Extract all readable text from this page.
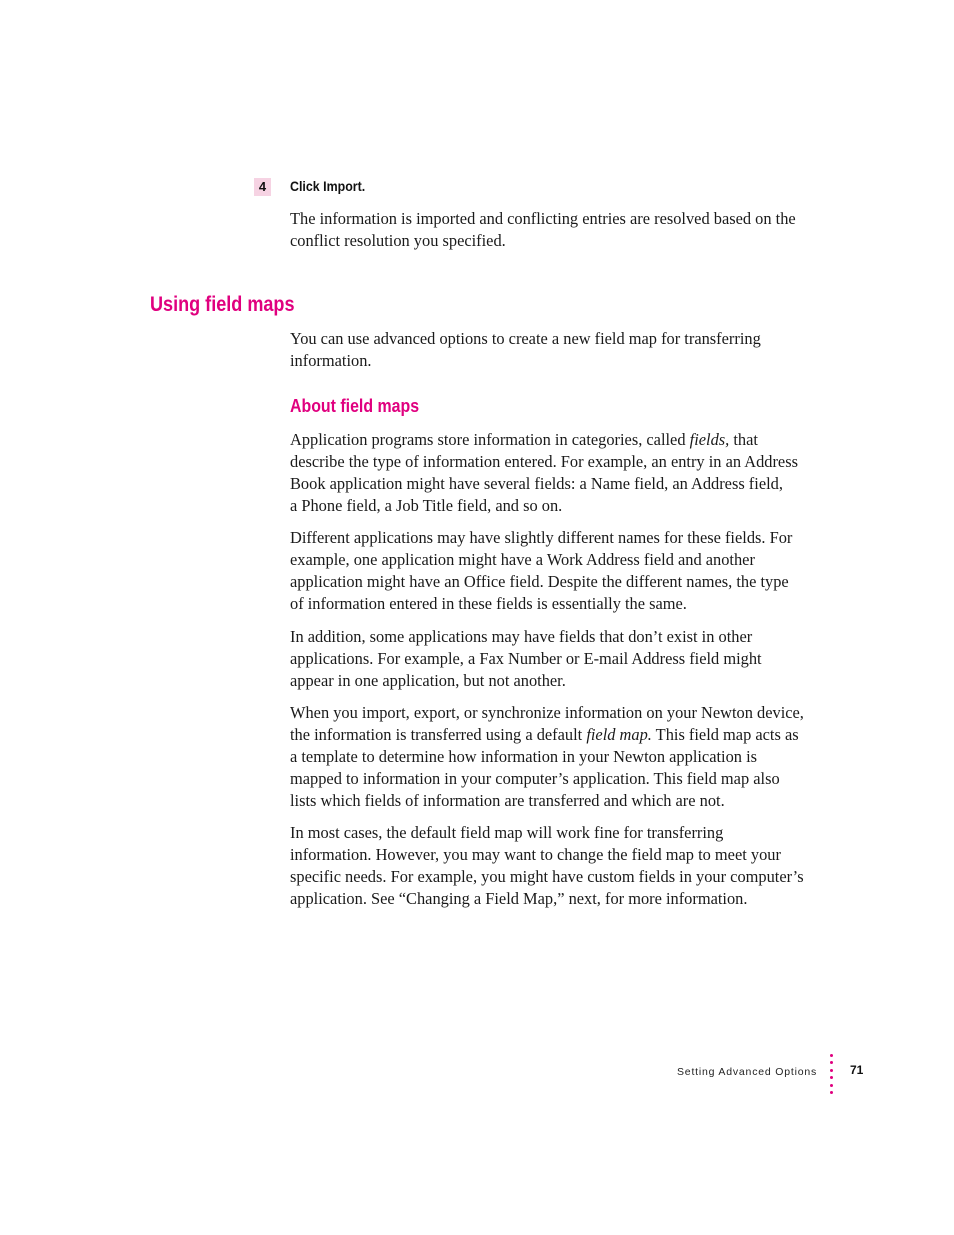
4	Click Import.

The information is imported and conflicting entries are resolved based on the
conflict resolution you specified.

Using field maps

You can use advanced options to create a new field map for transferring
information.

About field maps

Application programs store information in categories, called fields, that
describe the type of information entered. For example, an entry in an Address
Book application might have several fields: a Name field, an Address field,
a Phone field, a Job Title field, and so on.

Different applications may have slightly different names for these fields. For
example, one application might have a Work Address field and another
application might have an Office field. Despite the different names, the type
of information entered in these fields is essentially the same.

In addition, some applications may have fields that don’t exist in other
applications. For example, a Fax Number or E-mail Address field might
appear in one application, but not another.

When you import, export, or synchronize information on your Newton device,
the information is transferred using a default field map. This field map acts as
a template to determine how information in your Newton application is
mapped to information in your computer’s application. This field map also
lists which fields of information are transferred and which are not.

In most cases, the default field map will work fine for transferring
information. However, you may want to change the field map to meet your
specific needs. For example, you might have custom fields in your computer’s
application. See “Changing a Field Map,” next, for more information.

Setting Advanced Options	71
